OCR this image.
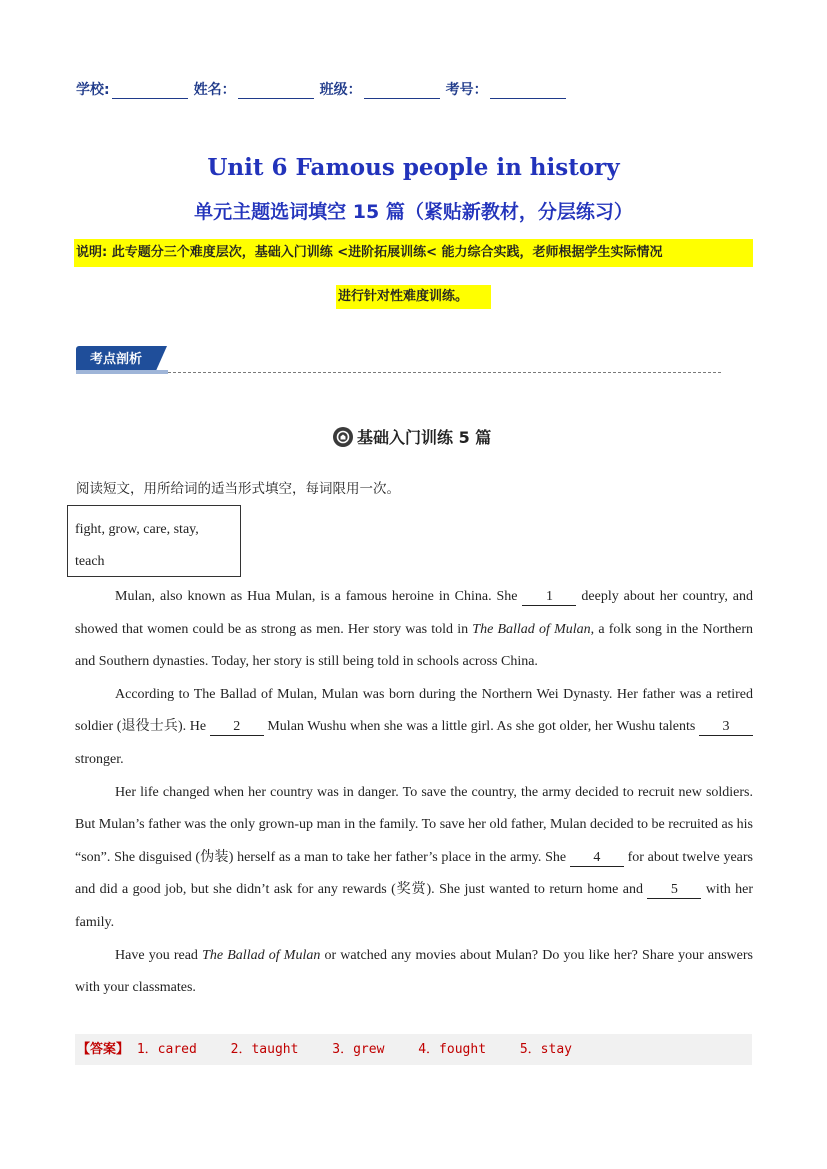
学校:	姓名：	班级：	考号：
Unit 6 Famous people in history
单元主题选词填空 15 篇（紧贴新教材，分层练习）
说明: 此专题分三个难度层次，基础入门训练 <进阶拓展训练< 能力综合实践，老师根据学生实际情况
进行针对性难度训练。
考点剖析
基础入门训练 5 篇
阅读短文，用所给词的适当形式填空，每词限用一次。
fight, grow, care, stay,
teach

Mulan, also known as Hua Mulan, is a famous heroine in China. She 1 deeply about her country, and showed that women could be as strong as men. Her story was told in The Ballad of Mulan, a folk song in the Northern and Southern dynasties. Today, her story is still being told in schools across China.

According to The Ballad of Mulan, Mulan was born during the Northern Wei Dynasty. Her father was a retired soldier (退役士兵). He 2 Mulan Wushu when she was a little girl. As she got older, her Wushu talents 3 stronger.

Her life changed when her country was in danger. To save the country, the army decided to recruit new soldiers. But Mulan’s father was the only grown-up man in the family. To save her old father, Mulan decided to be recruited as his “son”. She disguised (伪装) herself as a man to take her father’s place in the army. She 4 for about twelve years and did a good job, but she didn’t ask for any rewards (奖赏). She just wanted to return home and 5 with her family.

Have you read The Ballad of Mulan or watched any movies about Mulan? Do you like her? Share your answers with your classmates.

【答案】 1．cared	2．taught	3．grew	4．fought	5．stay
